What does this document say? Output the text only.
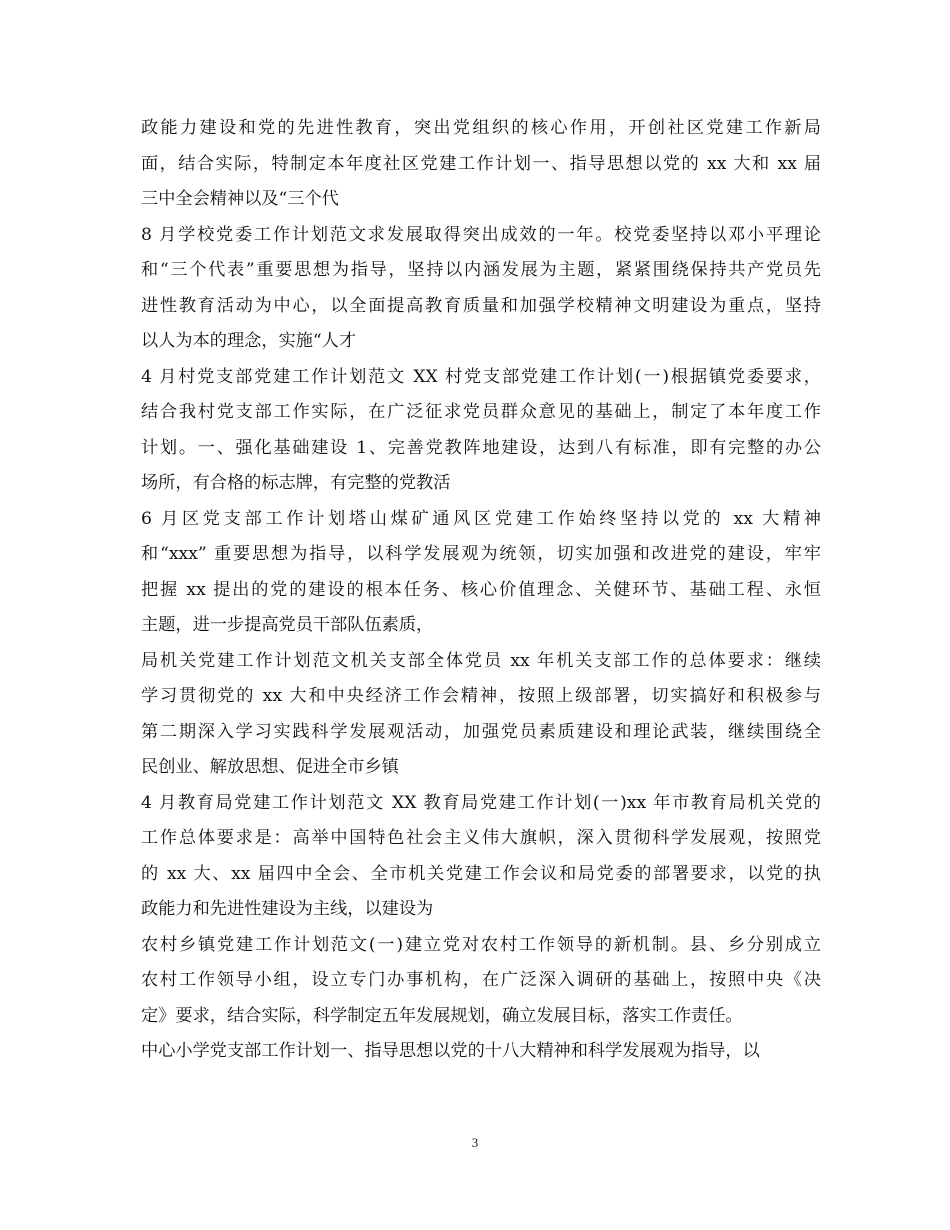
政能力建设和党的先进性教育，突出党组织的核心作用，开创社区党建工作新局
面，结合实际，特制定本年度社区党建工作计划一、指导思想以党的 xx 大和 xx 届
三中全会精神以及“三个代
8 月学校党委工作计划范文求发展取得突出成效的一年。校党委坚持以邓小平理论
和“三个代表”重要思想为指导，坚持以内涵发展为主题，紧紧围绕保持共产党员先
进性教育活动为中心，以全面提高教育质量和加强学校精神文明建设为重点，坚持
以人为本的理念，实施“人才
4 月村党支部党建工作计划范文 XX 村党支部党建工作计划(一)根据镇党委要求，
结合我村党支部工作实际，在广泛征求党员群众意见的基础上，制定了本年度工作
计划。一、强化基础建设 1、完善党教阵地建设，达到八有标准，即有完整的办公
场所，有合格的标志牌，有完整的党教活
6 月区党支部工作计划塔山煤矿通风区党建工作始终坚持以党的 xx 大精神
和“xxx” 重要思想为指导，以科学发展观为统领，切实加强和改进党的建设，牢牢
把握 xx 提出的党的建设的根本任务、核心价值理念、关健环节、基础工程、永恒
主题，进一步提高党员干部队伍素质，
局机关党建工作计划范文机关支部全体党员 xx 年机关支部工作的总体要求：继续
学习贯彻党的 xx 大和中央经济工作会精神，按照上级部署，切实搞好和积极参与
第二期深入学习实践科学发展观活动，加强党员素质建设和理论武装，继续围绕全
民创业、解放思想、促进全市乡镇
4 月教育局党建工作计划范文 XX 教育局党建工作计划(一)xx 年市教育局机关党的
工作总体要求是：高举中国特色社会主义伟大旗帜，深入贯彻科学发展观，按照党
的 xx 大、xx 届四中全会、全市机关党建工作会议和局党委的部署要求，以党的执
政能力和先进性建设为主线，以建设为
农村乡镇党建工作计划范文(一)建立党对农村工作领导的新机制。县、乡分别成立
农村工作领导小组，设立专门办事机构，在广泛深入调研的基础上，按照中央《决
定》要求，结合实际，科学制定五年发展规划，确立发展目标，落实工作责任。
中心小学党支部工作计划一、指导思想以党的十八大精神和科学发展观为指导，以
3
